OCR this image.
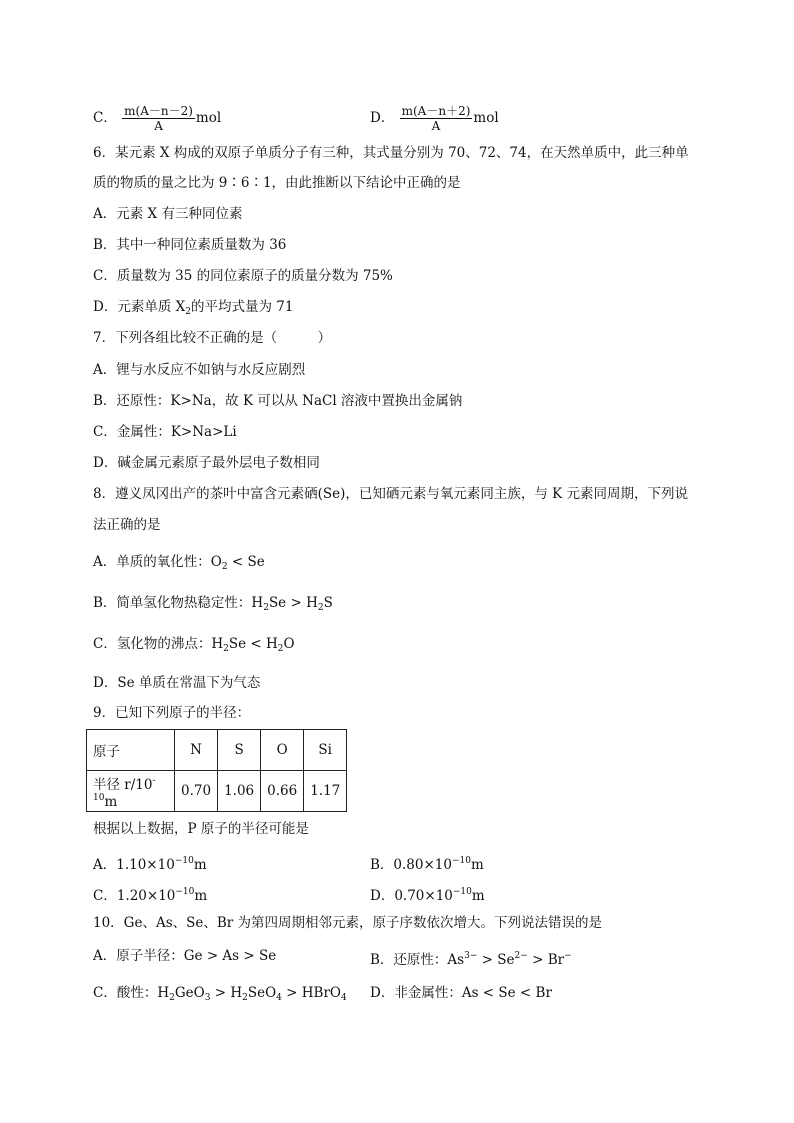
C． $\frac{m(A-n-2)}{A}$ mol	D． $\frac{m(A-n+2)}{A}$ mol
6．某元素 X 构成的双原子单质分子有三种，其式量分别为 70、72、74，在天然单质中，此三种单
质的物质的量之比为 9∶6∶1，由此推断以下结论中正确的是
A．元素 X 有三种同位素
B．其中一种同位素质量数为 36
C．质量数为 35 的同位素原子的质量分数为 75%
D．元素单质 $X_2$的平均式量为 71
7．下列各组比较不正确的是（　　　）
A．锂与水反应不如钠与水反应剧烈
B．还原性：K>Na，故 K 可以从 NaCl 溶液中置换出金属钠
C．金属性：K>Na>Li
D．碱金属元素原子最外层电子数相同
8．遵义凤冈出产的茶叶中富含元素硒(Se)，已知硒元素与氧元素同主族，与 K 元素同周期，下列说
法正确的是
A．单质的氧化性：$O_2 < Se$
B．简单氢化物热稳定性：$H_2Se > H_2S$
C．氢化物的沸点：$H_2Se < H_2O$
D．Se 单质在常温下为气态
9．已知下列原子的半径：
原子	N	S	O	Si
半径 $r/10^{-10}m$	0.70	1.06	0.66	1.17
根据以上数据，P 原子的半径可能是
A．$1.10\times 10^{-10}m$	B．$0.80\times 10^{-10}m$
C．$1.20\times 10^{-10}m$	D．$0.70\times 10^{-10}m$
10．Ge、As、Se、Br 为第四周期相邻元素，原子序数依次增大。下列说法错误的是
A．原子半径：Ge > As > Se	B．还原性：$As^{3-} > Se^{2-} > Br^-$
C．酸性：$H_2GeO_3 > H_2SeO_4$ > HBrO$_4$ D．非金属性：As < Se < Br
